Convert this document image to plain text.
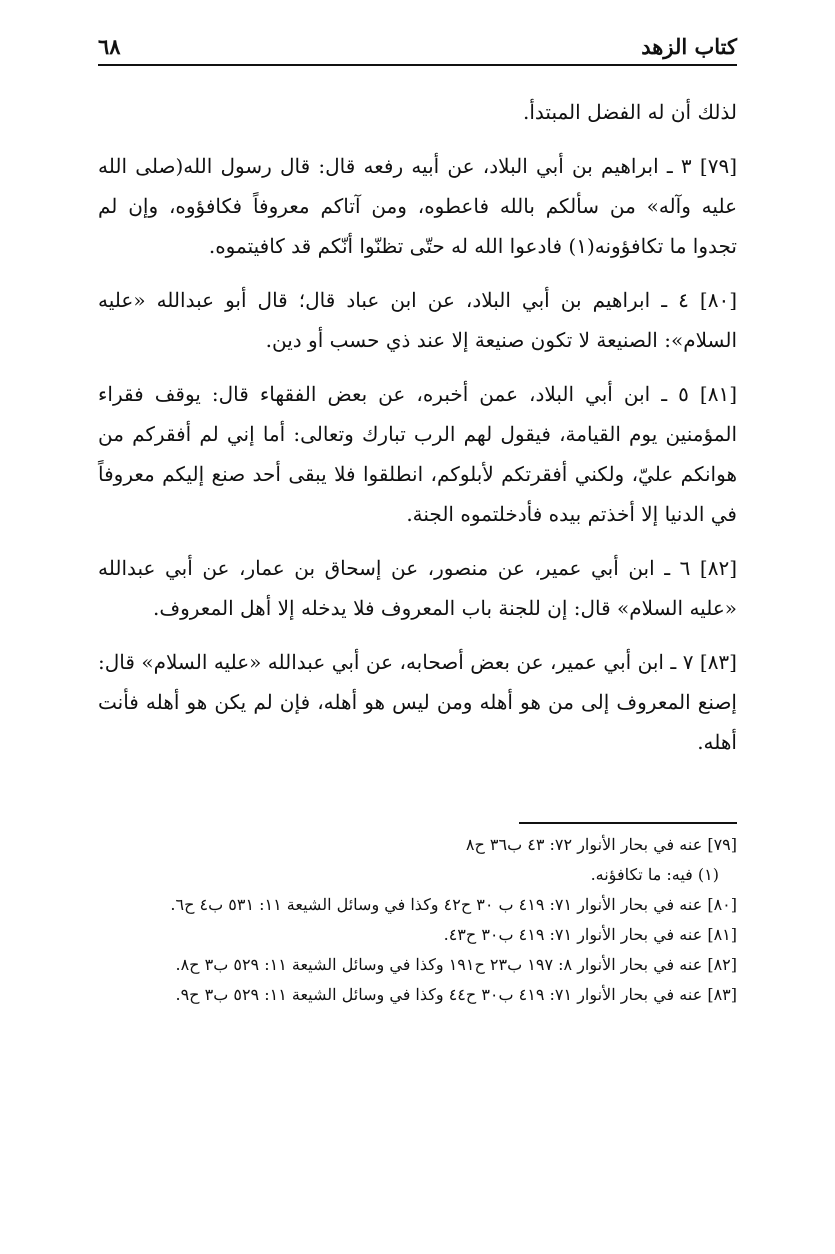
كتاب الزهد
٦٨

لذلك أن له الفضل المبتدأ.

[٧٩] ٣ ـ ابراهيم بن أبي البلاد، عن أبيه رفعه قال: قال رسول الله(صلى الله عليه وآله» من سألكم بالله فاعطوه، ومن آتاكم معروفاً فكافؤوه، وإن لم تجدوا ما تكافؤونه(١) فادعوا الله له حتّى تظنّوا أنّكم قد كافيتموه.

[٨٠] ٤ ـ ابراهيم بن أبي البلاد، عن ابن عباد قال؛ قال أبو عبدالله «عليه السلام»: الصنيعة لا تكون صنيعة إلا عند ذي حسب أو دين.

[٨١] ٥ ـ ابن أبي البلاد، عمن أخبره، عن بعض الفقهاء قال: يوقف فقراء المؤمنين يوم القيامة، فيقول لهم الرب تبارك وتعالى: أما إني لم أفقركم من هوانكم عليّ، ولكني أفقرتكم لأبلوكم، انطلقوا فلا يبقى أحد صنع إليكم معروفاً في الدنيا إلا أخذتم بيده فأدخلتموه الجنة.

[٨٢] ٦ ـ ابن أبي عمير، عن منصور، عن إسحاق بن عمار، عن أبي عبدالله «عليه السلام» قال: إن للجنة باب المعروف فلا يدخله إلا أهل المعروف.

[٨٣] ٧ ـ ابن أبي عمير، عن بعض أصحابه، عن أبي عبدالله «عليه السلام» قال: إصنع المعروف إلى من هو أهله ومن ليس هو أهله، فإن لم يكن هو أهله فأنت أهله.

[٧٩] عنه في بحار الأنوار ٧٢: ٤٣ ب٣٦ ح٨

(١) فيه: ما تكافؤنه.

[٨٠] عنه في بحار الأنوار ٧١: ٤١٩ ب ٣٠ ح٤٢ وكذا في وسائل الشيعة ١١: ٥٣١ ب٤ ح٦.

[٨١] عنه في بحار الأنوار ٧١: ٤١٩ ب٣٠ ح٤٣.

[٨٢] عنه في بحار الأنوار ٨: ١٩٧ ب٢٣ ح١٩١ وكذا في وسائل الشيعة ١١: ٥٢٩ ب٣ ح٨.

[٨٣] عنه في بحار الأنوار ٧١: ٤١٩ ب٣٠ ح٤٤ وكذا في وسائل الشيعة ١١: ٥٢٩ ب٣ ح٩.
